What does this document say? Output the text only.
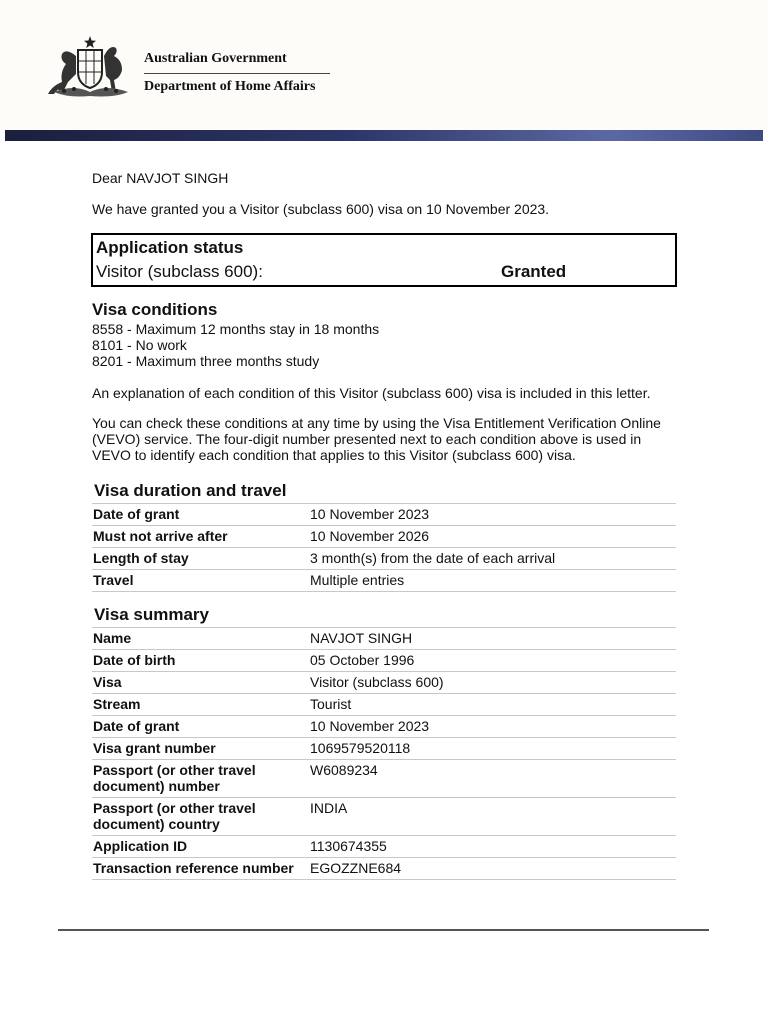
Australian Government
Department of Home Affairs
Dear NAVJOT SINGH
We have granted you a Visitor (subclass 600) visa on 10 November 2023.
Application status
Visitor (subclass 600):	Granted
Visa conditions
8558 - Maximum 12 months stay in 18 months
8101 - No work
8201 - Maximum three months study
An explanation of each condition of this Visitor (subclass 600) visa is included in this letter.
You can check these conditions at any time by using the Visa Entitlement Verification Online (VEVO) service. The four-digit number presented next to each condition above is used in VEVO to identify each condition that applies to this Visitor (subclass 600) visa.
Visa duration and travel
Date of grant	10 November 2023
Must not arrive after	10 November 2026
Length of stay	3 month(s) from the date of each arrival
Travel	Multiple entries
Visa summary
Name	NAVJOT SINGH
Date of birth	05 October 1996
Visa	Visitor (subclass 600)
Stream	Tourist
Date of grant	10 November 2023
Visa grant number	1069579520118
Passport (or other travel document) number	W6089234
Passport (or other travel document) country	INDIA
Application ID	1130674355
Transaction reference number	EGOZZNE684
